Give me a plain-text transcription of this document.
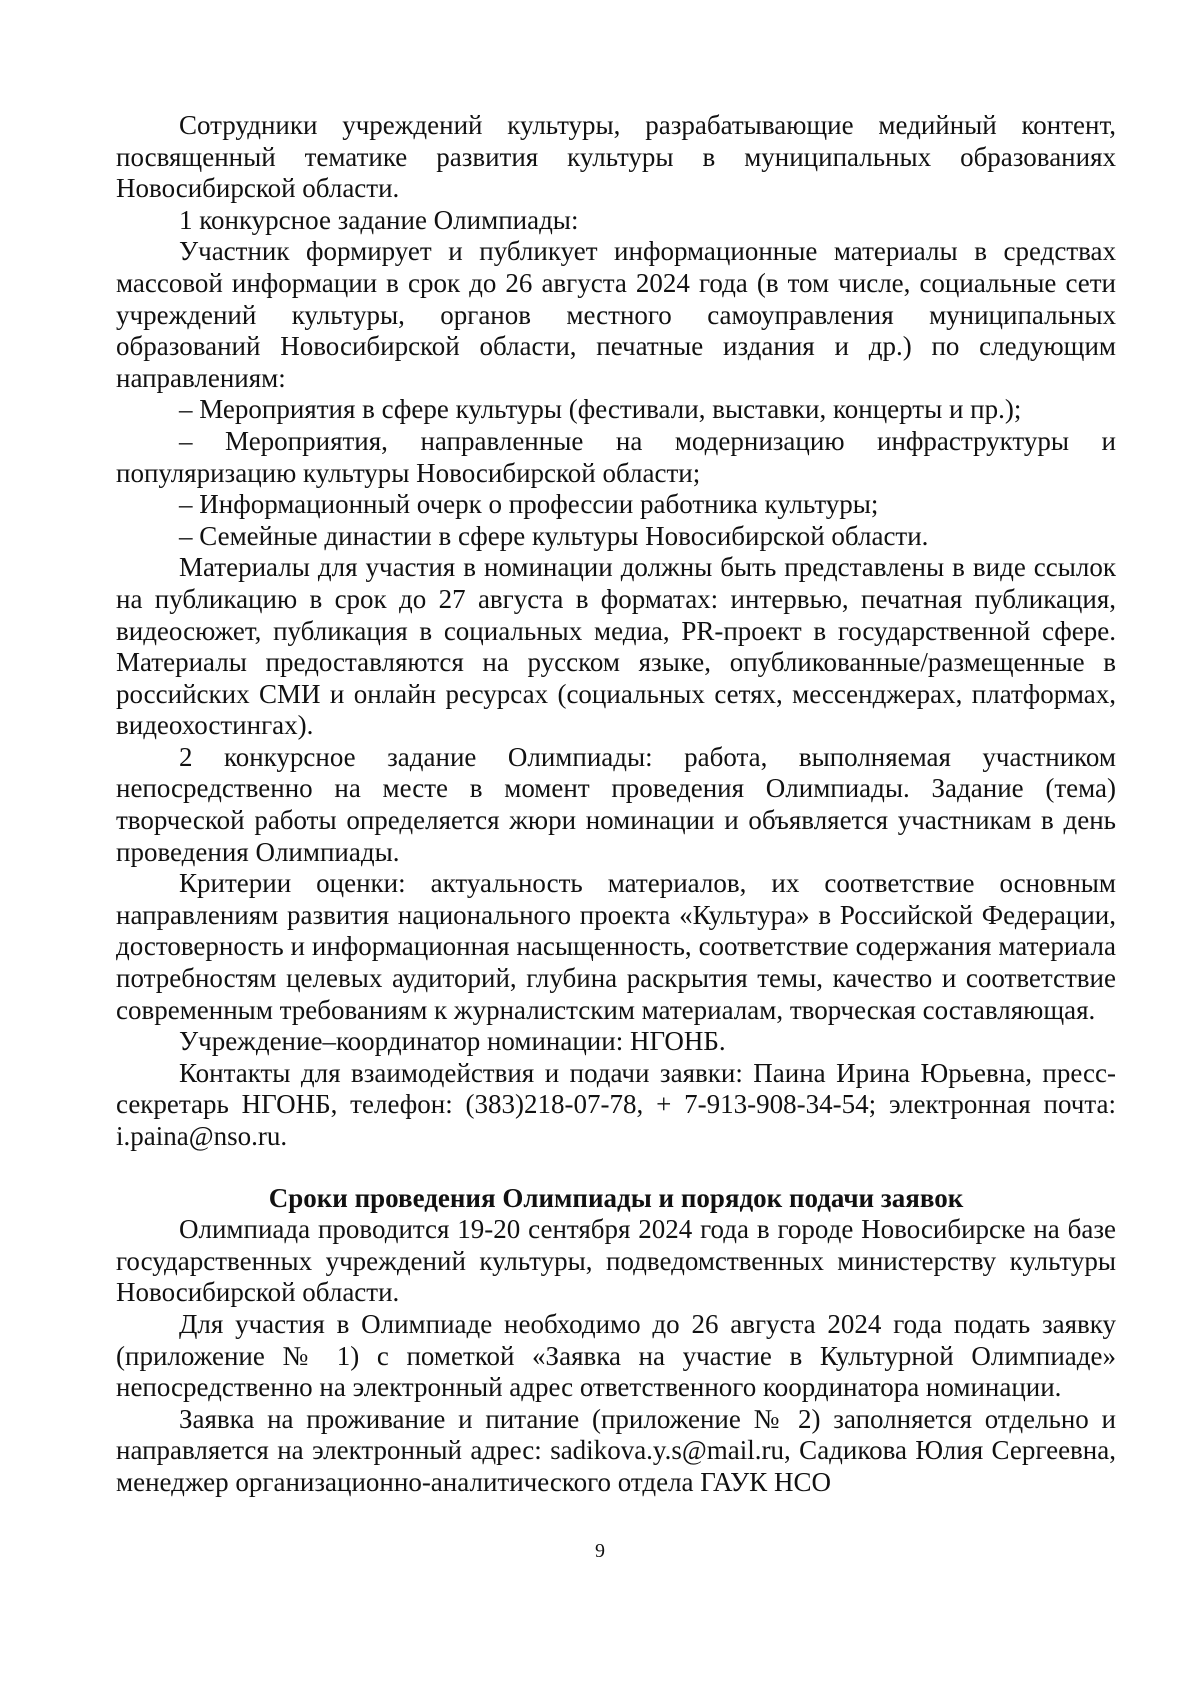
Сотрудники учреждений культуры, разрабатывающие медийный контент, посвященный тематике развития культуры в муниципальных образованиях Новосибирской области.

1 конкурсное задание Олимпиады:

Участник формирует и публикует информационные материалы в средствах массовой информации в срок до 26 августа 2024 года (в том числе, социальные сети учреждений культуры, органов местного самоуправления муниципальных образований Новосибирской области, печатные издания и др.) по следующим направлениям:

– Мероприятия в сфере культуры (фестивали, выставки, концерты и пр.);

– Мероприятия, направленные на модернизацию инфраструктуры и популяризацию культуры Новосибирской области;

– Информационный очерк о профессии работника культуры;

– Семейные династии в сфере культуры Новосибирской области.

Материалы для участия в номинации должны быть представлены в виде ссылок на публикацию в срок до 27 августа в форматах: интервью, печатная публикация, видеосюжет, публикация в социальных медиа, PR-проект в государственной сфере. Материалы предоставляются на русском языке, опубликованные/размещенные в российских СМИ и онлайн ресурсах (социальных сетях, мессенджерах, платформах, видеохостингах).

2 конкурсное задание Олимпиады: работа, выполняемая участником непосредственно на месте в момент проведения Олимпиады. Задание (тема) творческой работы определяется жюри номинации и объявляется участникам в день проведения Олимпиады.

Критерии оценки: актуальность материалов, их соответствие основным направлениям развития национального проекта «Культура» в Российской Федерации, достоверность и информационная насыщенность, соответствие содержания материала потребностям целевых аудиторий, глубина раскрытия темы, качество и соответствие современным требованиям к журналистским материалам, творческая составляющая.

Учреждение–координатор номинации: НГОНБ.

Контакты для взаимодействия и подачи заявки: Паина Ирина Юрьевна, пресс-секретарь НГОНБ, телефон: (383)218-07-78, + 7-913-908-34-54; электронная почта: i.paina@nso.ru.

Сроки проведения Олимпиады и порядок подачи заявок

Олимпиада проводится 19-20 сентября 2024 года в городе Новосибирске на базе государственных учреждений культуры, подведомственных министерству культуры Новосибирской области.

Для участия в Олимпиаде необходимо до 26 августа 2024 года подать заявку (приложение № 1) с пометкой «Заявка на участие в Культурной Олимпиаде» непосредственно на электронный адрес ответственного координатора номинации.

Заявка на проживание и питание (приложение № 2) заполняется отдельно и направляется на электронный адрес: sadikova.y.s@mail.ru, Садикова Юлия Сергеевна, менеджер организационно-аналитического отдела ГАУК НСО

9
